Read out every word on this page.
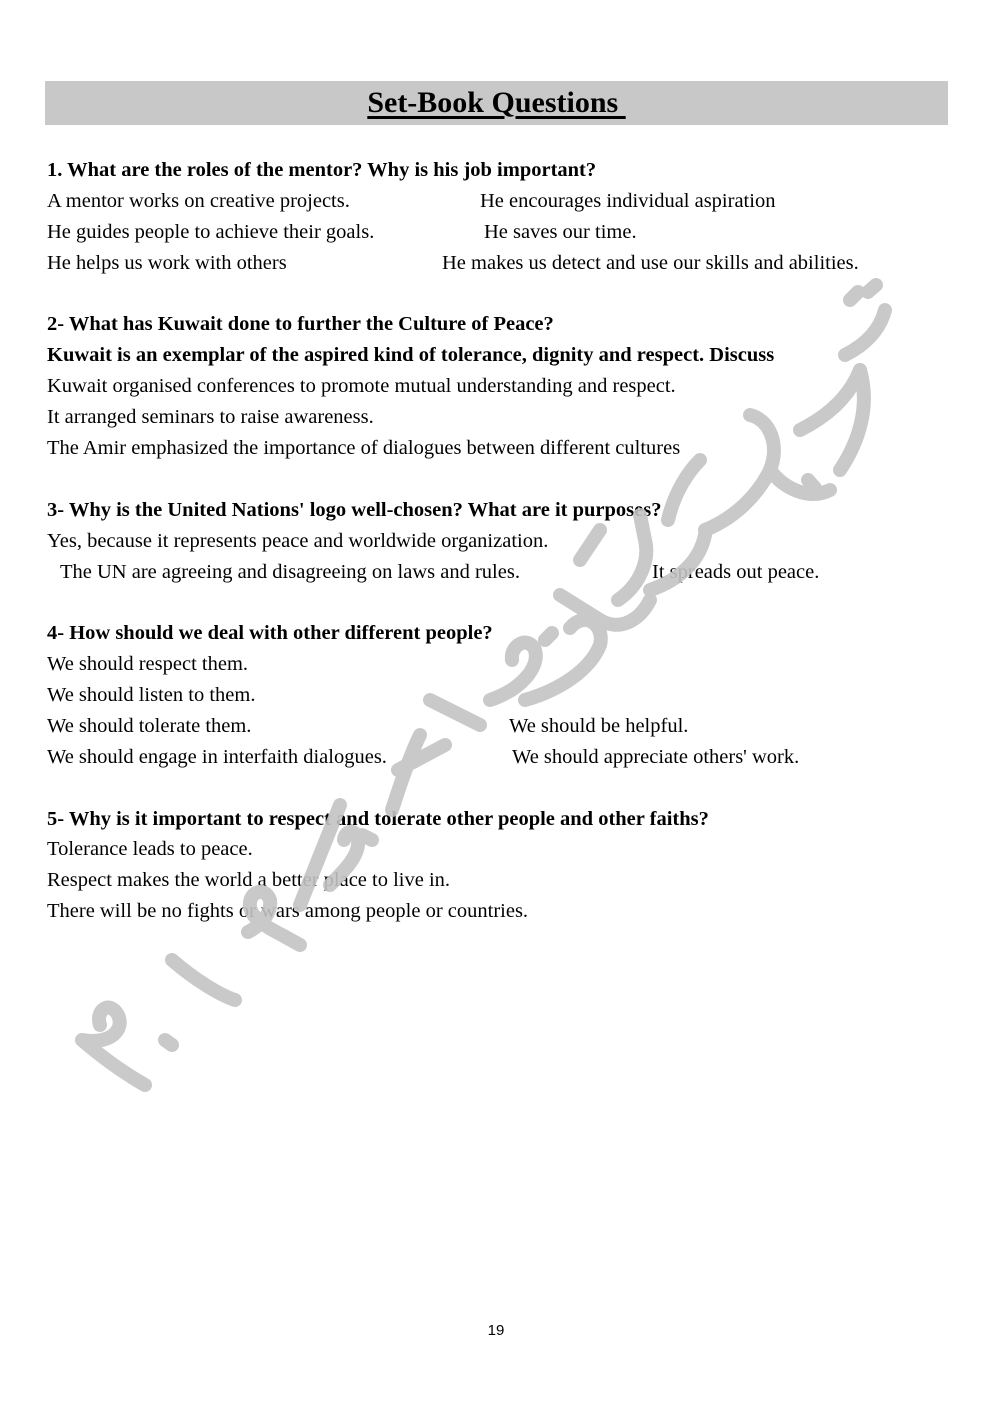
Set-Book Questions
1. What are the roles of the mentor? Why is his job important?
A mentor works on creative projects.	He encourages individual aspiration
He guides people to achieve their goals.	He saves our time.
He helps us work with others	He makes us detect and use our skills and abilities.
2- What has Kuwait done to further the Culture of Peace?
Kuwait is an exemplar of the aspired kind of tolerance, dignity and respect. Discuss
Kuwait organised conferences to promote mutual understanding and respect.
It arranged seminars to raise awareness.
The Amir emphasized the importance of dialogues between different cultures
3- Why is the United Nations' logo well-chosen? What are it purposes?
Yes, because it represents peace and worldwide organization.
The UN are agreeing and disagreeing on laws and rules.	It spreads out peace.
4- How should we deal with other different people?
We should respect them.
We should listen to them.
We should tolerate them.	We should be helpful.
We should engage in interfaith dialogues.	We should appreciate others' work.
5- Why is it important to respect and tolerate other people and other faiths?
Tolerance leads to peace.
Respect makes the world a better place to live in.
There will be no fights or wars among people or countries.
19
